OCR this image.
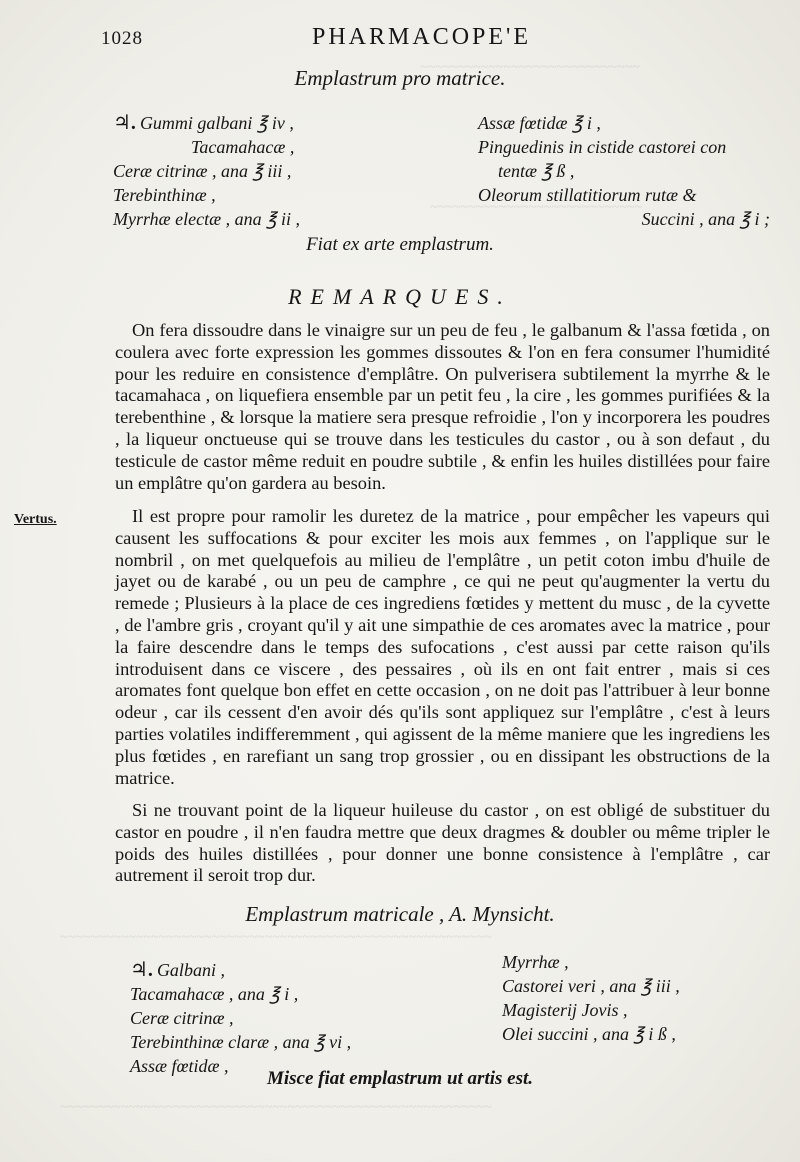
~~~~~~~~~~~~~~~~~~~~~~~~~~~~~
~~~~~~~~~~~~~~~~~~~~~~~~~~~~
~~~~~~~~~~~~~~~~~~~~~~~~~~~~~~~~~~~~~~~~~~~~~~~~~~~~~~~~~
~~~~~~~~~~~~~~~~~~~~~~~~~~~~~~~~~~~~~~~~~~~~~~~~~~~~~~~~~
1028	PHARMACOPE'E
Emplastrum pro matrice.
♃. Gummi galbani ℥ iv ,
Tacamahacæ ,
Ceræ citrinæ , ana ℥ iii ,
Terebinthinæ ,
Myrrhæ electæ , ana ℥ ii ,
Assæ fœtidæ ℥ i ,
Pinguedinis in cistide castorei con
tentæ ℥ ß ,
Oleorum stillatitiorum rutæ &
Succini , ana ℥ i ;
Fiat ex arte emplastrum.
REMARQUES.

On fera dissoudre dans le vinaigre sur un peu de feu , le galbanum & l'assa fœtida , on coulera avec forte expression les gommes dissoutes & l'on en fera consumer l'humidité pour les reduire en consistence d'emplâtre. On pulverisera subtilement la myrrhe & le tacamahaca , on liquefiera ensemble par un petit feu , la cire , les gommes purifiées & la terebenthine , & lorsque la matiere sera presque refroidie , l'on y incorporera les poudres , la liqueur onctueuse qui se trouve dans les testicules du castor , ou à son defaut , du testicule de castor même reduit en poudre subtile , & enfin les huiles distillées pour faire un emplâtre qu'on gardera au besoin.

Vertus.	Il est propre pour ramolir les duretez de la matrice , pour empêcher les vapeurs qui causent les suffocations & pour exciter les mois aux femmes , on l'applique sur le nombril , on met quelquefois au milieu de l'emplâtre , un petit coton imbu d'huile de jayet ou de karabé , ou un peu de camphre , ce qui ne peut qu'augmenter la vertu du remede ; Plusieurs à la place de ces ingrediens fœtides y mettent du musc , de la cyvette , de l'ambre gris , croyant qu'il y ait une simpathie de ces aromates avec la matrice , pour la faire descendre dans le temps des sufocations , c'est aussi par cette raison qu'ils introduisent dans ce viscere , des pessaires , où ils en ont fait entrer , mais si ces aromates font quelque bon effet en cette occasion , on ne doit pas l'attribuer à leur bonne odeur , car ils cessent d'en avoir dés qu'ils sont appliquez sur l'emplâtre , c'est à leurs parties volatiles indifferemment , qui agissent de la même maniere que les ingrediens les plus fœtides , en rarefiant un sang trop grossier , ou en dissipant les obstructions de la matrice.

Si ne trouvant point de la liqueur huileuse du castor , on est obligé de substituer du castor en poudre , il n'en faudra mettre que deux dragmes & doubler ou même tripler le poids des huiles distillées , pour donner une bonne consistence à l'emplâtre , car autrement il seroit trop dur.

Emplastrum matricale , A. Mynsicht.
♃. Galbani ,
Tacamahacæ , ana ℥ i ,
Ceræ citrinæ ,
Terebinthinæ claræ , ana ℥ vi ,
Assæ fœtidæ ,
Myrrhæ ,
Castorei veri , ana ℥ iii ,
Magisterij Jovis ,
Olei succini , ana ℥ i ß ,
Misce fiat emplastrum ut artis est.
